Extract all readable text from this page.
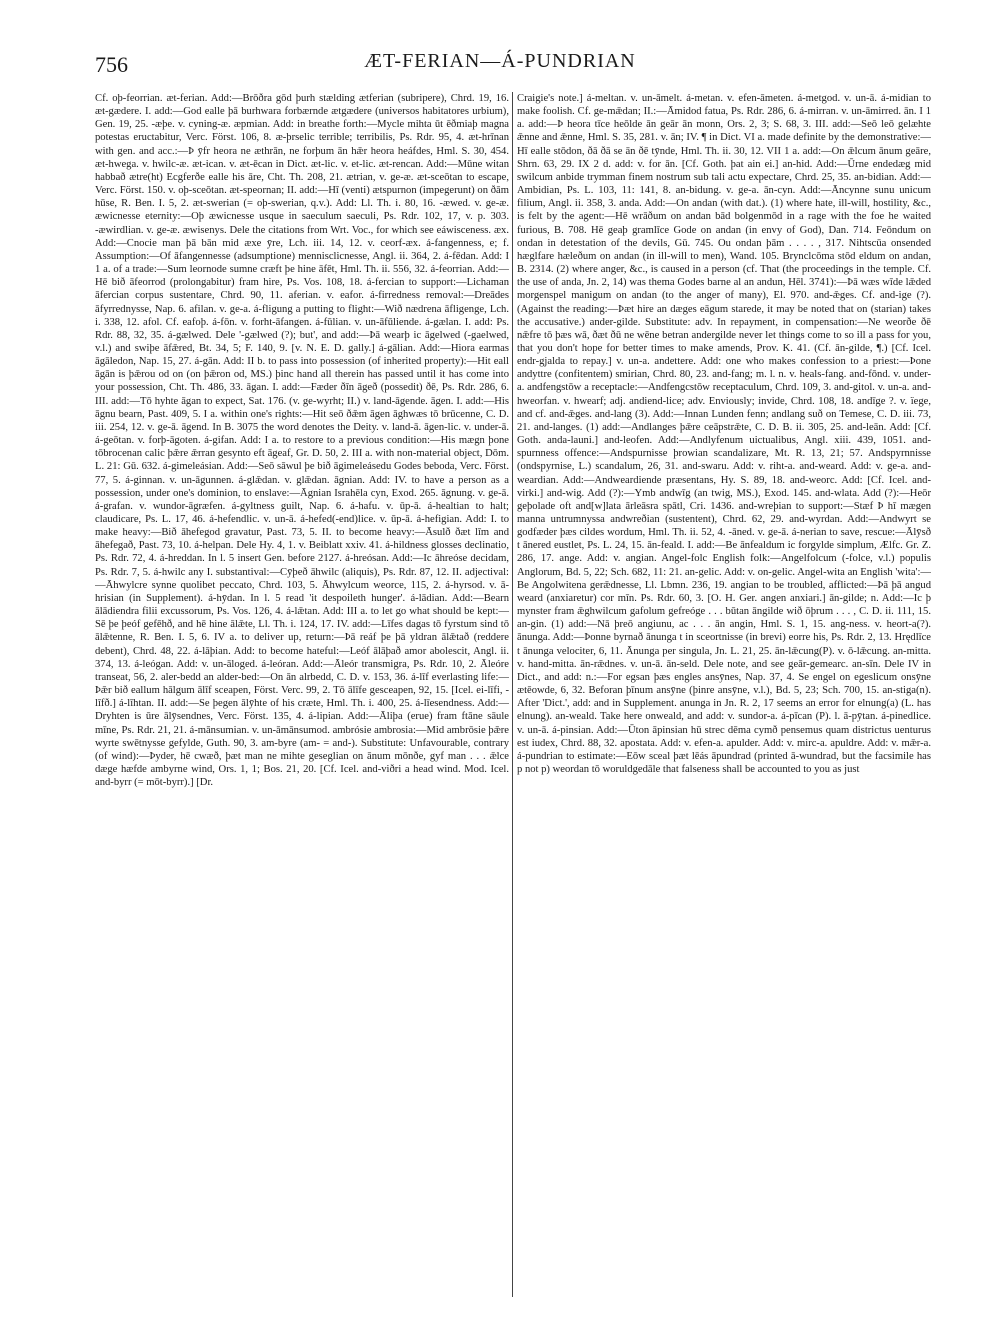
756	ÆT-FERIAN—Á-PUNDRIAN

Cf. oþ-feorrian. æt-ferian. Add:—Brōðra gōd þurh stælding ætferian (subripere), Chrd. 19, 16. æt-gædere. I. add:—God ealle þā burhwara forbærnde ætgædere (universos habitatores urbium), Gen. 19, 25. -æþe. v. cyning-æ. æpmian. Add: in breathe forth:—Mycle mihta ūt ēðmiaþ magna potestas eructabitur, Verc. Först. 106, 8. æ-þrselic terrible; terribilis, Ps. Rdr. 95, 4. æt-hrīnan with gen. and acc.:—Þ ȳfr heora ne æthrān, ne forþum ān hǣr heora heáfdes, Hml. S. 30, 454. æt-hwega. v. hwilc-æ. æt-ican. v. æt-ēcan in Dict. æt-lic. v. et-lic. æt-rencan. Add:—Mūne witan habbað ætre(ht) Ecgferðe ealle his āre, Cht. Th. 208, 21. ætrian, v. ge-æ. æt-sceōtan to escape, Verc. Först. 150. v. oþ-sceōtan. æt-speornan; II. add:—Hī (venti) ætspurnon (impegerunt) on ðām hūse, R. Ben. I. 5, 2. æt-swerian (= oþ-swerian, q.v.). Add: Ll. Th. i. 80, 16. -æwed. v. ge-æ. æwicnesse eternity:—Oþ æwicnesse usque in saeculum saeculi, Ps. Rdr. 102, 17, v. p. 303. -æwirdlian. v. ge-æ. æwisenys. Dele the citations from Wrt. Voc., for which see eáwisceness. æx. Add:—Cnocie man þā bān mid æxe ȳre, Lch. iii. 14, 12. v. ceorf-æx. á-fangenness, e; f. Assumption:—Of āfangennesse (adsumptione) mennisclicnesse, Angl. ii. 364, 2. á-fēdan. Add: I 1 a. of a trade:—Sum leornode sumne cræft þe hine āfēt, Hml. Th. ii. 556, 32. á-feorrian. Add:—Hē bið āfeorrod (prolongabitur) fram hire, Ps. Vos. 108, 18. á-fercian to support:—Lichaman āfercian corpus sustentare, Chrd. 90, 11. aferian. v. eafor. á-firredness removal:—Dreādes āfyrrednysse, Nap. 6. afilan. v. ge-a. á-fligung a putting to flight:—Wið nædrena āfligenge, Lch. i. 338, 12. afol. Cf. eafoþ. á-fōn. v. forht-āfangen. á-fūlian. v. un-āfūliende. á-gælan. I. add: Ps. Rdr. 88, 32, 35. á-gælwed. Dele '-gælwed (?); but', and add:—Þā wearþ ic āgelwed (-gaelwed, v.l.) and swiþe āfǣred, Bt. 34, 5; F. 140, 9. [v. N. E. D. gally.] á-gālian. Add:—Hiora earmas āgāledon, Nap. 15, 27. á-gān. Add: II b. to pass into possession (of inherited property):—Hit eall āgān is þǣrou od on (on þǣron od, MS.) þinc hand all therein has passed until it has come into your possession, Cht. Th. 486, 33. āgan. I. add:—Fæder ðīn āgeð (possedit) ðē, Ps. Rdr. 286, 6. III. add:—Tō hyhte āgan to expect, Sat. 176. (v. ge-wyrht; II.) v. land-āgende. āgen. I. add:—His āgnu bearn, Past. 409, 5. I a. within one's rights:—Hit seō ðǣm āgen āghwæs tō brūcenne, C. D. iii. 254, 12. v. ge-ā. āgend. In B. 3075 the word denotes the Deity. v. land-ā. āgen-lic. v. under-ā. á-geōtan. v. forþ-āgoten. á-gifan. Add: I a. to restore to a previous condition:—His mægn þone tōbrocenan calic þǣre ǣrran gesynto eft āgeaf, Gr. D. 50, 2. III a. with non-material object, Dōm. L. 21: Gū. 632. á-gimeleásian. Add:—Seō sāwul þe bið āgimeleásedu Godes beboda, Verc. Först. 77, 5. á-ginnan. v. un-āgunnen. á-glǣdan. v. glǣdan. āgnian. Add: IV. to have a person as a possession, under one's dominion, to enslave:—Āgnian Israhēla cyn, Exod. 265. āgnung. v. ge-ā. á-grafan. v. wundor-āgræfen. á-gyltness guilt, Nap. 6. á-hafu. v. ūp-ā. á-healtian to halt; claudicare, Ps. L. 17, 46. á-hefendlic. v. un-ā. á-hefed(-end)lice. v. ūp-ā. á-hefigian. Add: I. to make heavy:—Bið āhefegod gravatur, Past. 73, 5. II. to become heavy:—Āsulð ðæt līm and āhefegað, Past. 73, 10. á-helpan. Dele Hy. 4, 1. v. Beiblatt xxiv. 41. á-hildness glosses declinatio, Ps. Rdr. 72, 4. á-hreddan. In l. 5 insert Gen. before 2127. á-hreósan. Add:—Ic āhreóse decidam, Ps. Rdr. 7, 5. á-hwilc any I. substantival:—Cȳþeð āhwilc (aliquis), Ps. Rdr. 87, 12. II. adjectival:—Āhwylcre synne quolibet peccato, Chrd. 103, 5. Āhwylcum weorce, 115, 2. á-hyrsod. v. ā-hrisian (in Supplement). á-hȳdan. In l. 5 read 'it despoileth hunger'. á-lādian. Add:—Bearn ālādiendra filii excussorum, Ps. Vos. 126, 4. á-lǣtan. Add: III a. to let go what should be kept:—Sē þe þeóf gefēhð, and hē hine ālǣte, Ll. Th. i. 124, 17. IV. add:—Līfes dagas tō fyrstum sind tō ālǣtenne, R. Ben. I. 5, 6. IV a. to deliver up, return:—Þā reáf þe þā yldran ālǣtað (reddere debent), Chrd. 48, 22. á-lāþian. Add: to become hateful:—Leóf ālāþað amor abolescit, Angl. ii. 374, 13. á-leógan. Add: v. un-āloged. á-leóran. Add:—Āleór transmigra, Ps. Rdr. 10, 2. Āleóre transeat, 56, 2. aler-bedd an alder-bed:—On ān alrbedd, C. D. v. 153, 36. á-līf everlasting life:—Þǣr bið eallum hālgum ālīf sceapen, Först. Verc. 99, 2. Tō ālīfe gesceapen, 92, 15. [Icel. ei-līfi, -līfð.] á-līhtan. II. add:—Se þegen ālȳhte of his cræte, Hml. Th. i. 400, 25. á-līesendness. Add:—Dryhten is ūre ālȳsendnes, Verc. Först. 135, 4. á-lipian. Add:—Āliþa (erue) fram ftāne sāule mīne, Ps. Rdr. 21, 21. á-mānsumian. v. un-āmānsumod. ambrósie ambrosia:—Mid ambrōsie þǣre wyrte swētnysse gefylde, Guth. 90, 3. am-byre (am- = and-). Substitute: Unfavourable, contrary (of wind):—Þyder, hē cwæð, þæt man ne mihte geseglian on ānum mōnðe, gyf man . . . ǣlce dæge hæfde ambyrne wind, Ors. 1, 1; Bos. 21, 20. [Cf. Icel. and-viðri a head wind. Mod. Icel. and-byrr (= mōt-byrr).] [Dr.

Craigie's note.] á-meltan. v. un-āmelt. á-metan. v. efen-āmeten. á-metgod. v. un-ā. á-midian to make foolish. Cf. ge-mǣdan; II.:—Āmidod fatua, Ps. Rdr. 286, 6. á-mirran. v. un-āmirred. ān. I 1 a. add:—Þ heora tīce heōlde ān geār ān monn, Ors. 2, 3; S. 68, 3. III. add:—Seō leō gelæhte ǣnne and ǣnne, Hml. S. 35, 281. v. ān; IV. ¶ in Dict. VI a. made definite by the demonstrative:—Hī ealle stōdon, ðā ðā se ān ðē tȳnde, Hml. Th. ii. 30, 12. VII 1 a. add:—On ǣlcum ānum geāre, Shrn. 63, 29. IX 2 d. add: v. for ān. [Cf. Goth. þat ain ei.] an-hid. Add:—Ūrne endedæg mid swilcum anbide trymman finem nostrum sub tali actu expectare, Chrd. 25, 35. an-bidian. Add:—Ambidian, Ps. L. 103, 11: 141, 8. an-bidung. v. ge-a. ān-cyn. Add:—Āncynne sunu unicum filium, Angl. ii. 358, 3. anda. Add:—On andan (with dat.). (1) where hate, ill-will, hostility, &c., is felt by the agent:—Hē wrāðum on andan bād bolgenmōd in a rage with the foe he waited furious, B. 708. Hē geaþ gramlīce Gode on andan (in envy of God), Dan. 714. Feōndum on ondan in detestation of the devils, Gū. 745. Ou ondan þām . . . . , 317. Nihtscūa onsended hæglfare hæleðum on andan (in ill-will to men), Wand. 105. Brynclcōma stōd eldum on andan, B. 2314. (2) where anger, &c., is caused in a person (cf. That (the proceedings in the temple. Cf. the use of anda, Jn. 2, 14) was thema Godes barne al an andun, Hēl. 3741):—Þā wæs wīde lǣded morgenspel manigum on andan (to the anger of many), El. 970. and-ǣges. Cf. and-ige (?). (Against the reading:—Þæt hire an dæges eāgum starede, it may be noted that on (starian) takes the accusative.) ander-gilde. Substitute: adv. In repayment, in compensation:—Ne weorðe ðē nǣfre tō þæs wā, ðæt ðū ne wēne betran andergilde never let things come to so ill a pass for you, that you don't hope for better times to make amends, Prov. K. 41. (Cf. ān-gilde, ¶.) [Cf. Icel. endr-gjalda to repay.] v. un-a. andettere. Add: one who makes confession to a priest:—Þone andyttre (confitentem) smirian, Chrd. 80, 23. and-fang; m. l. n. v. heals-fang. and-fōnd. v. under-a. andfengstōw a receptacle:—Andfengcstōw receptaculum, Chrd. 109, 3. and-gitol. v. un-a. and-hweorfan. v. hwearf; adj. andiend-lice; adv. Enviously; invide, Chrd. 108, 18. andīge ?. v. ïege, and cf. and-ǣges. and-lang (3). Add:—Innan Lunden fenn; andlang suð on Temese, C. D. iii. 73, 21. and-langes. (1) add:—Andlanges þǣre ceāpstrǣte, C. D. B. ii. 305, 25. and-leān. Add: [Cf. Goth. anda-launi.] and-leofen. Add:—Andlyfenum uictualibus, Angl. xiii. 439, 1051. and-spurnness offence:—Andspurnisse þrowian scandalizare, Mt. R. 13, 21; 57. Andspyrnnisse (ondspyrnise, L.) scandalum, 26, 31. and-swaru. Add: v. riht-a. and-weard. Add: v. ge-a. and-weardian. Add:—Andweardiende præsentans, Hy. S. 89, 18. and-weorc. Add: [Cf. Icel. and-virki.] and-wig. Add (?):—Ymb andwīg (an twig, MS.), Exod. 145. and-wlata. Add (?):—Heōr geþolade oft and[w]lata ārleāsra spātl, Cri. 1436. and-wreþian to support:—Stæf Þ hī mægen manna untrumnyssa andwreðian (sustentent), Chrd. 62, 29. and-wyrdan. Add:—Andwyrt se godfæder þæs cildes wordum, Hml. Th. ii. 52, 4. -āned. v. ge-ā. á-nerian to save, rescue:—Ālȳsð t ānered eustlet, Ps. L. 24, 15. ān-feald. I. add:—Be ānfealdum ic forgylde simplum, Ælfc. Gr. Z. 286, 17. ange. Add: v. angian. Angel-folc English folk:—Angelfolcum (-folce, v.l.) populis Anglorum, Bd. 5, 22; Sch. 682, 11: 21. an-gelic. Add: v. on-gelic. Angel-wita an English 'wita':—Be Angolwitena gerǣdnesse, Ll. Lbmn. 236, 19. angian to be troubled, afflicted:—Þā þā angud weard (anxiaretur) cor mīn. Ps. Rdr. 60, 3. [O. H. Ger. angen anxiari.] ān-gilde; n. Add:—Ic þ mynster fram ǣghwilcum gafolum gefreóge . . . būtan āngilde wið ōþrum . . . , C. D. ii. 111, 15. an-gin. (1) add:—Nā þreō angiunu, ac . . . ān angin, Hml. S. 1, 15. ang-ness. v. heort-a(?). ānunga. Add:—Þonne byrnað ānunga t in sceortnisse (in brevi) eorre his, Ps. Rdr. 2, 13. Hrędlīce t ānunga velociter, 6, 11. Ānunga per singula, Jn. L. 21, 25. ān-lǣcung(P). v. ō-lǣcung. an-mitta. v. hand-mitta. ān-rǣdnes. v. un-ā. ān-seld. Dele note, and see geār-gemearc. an-sīn. Dele IV in Dict., and add: n.:—For egsan þæs engles ansȳnes, Nap. 37, 4. Se engel on egeslicum onsȳne ætēowde, 6, 32. Beforan þīnum ansȳne (þinre ansȳne, v.l.), Bd. 5, 23; Sch. 700, 15. an-stiga(n). After 'Dict.', add: and in Supplement. anunga in Jn. R. 2, 17 seems an error for elnung(a) (L. has elnung). an-weald. Take here onweald, and add: v. sundor-a. á-pīcan (P). l. ā-pȳtan. á-pinedlice. v. un-ā. á-pinsian. Add:—Ūton āpinsian hū strec dēma cymð pensemus quam districtus uenturus est iudex, Chrd. 88, 32. apostata. Add: v. efen-a. apulder. Add: v. mirc-a. apuldre. Add: v. mǣr-a. á-pundrian to estimate:—Eōw sceal þæt lēás āpundrad (printed ā-wundrad, but the facsimile has p not p) weordan tō woruldgedāle that falseness shall be accounted to you as just
